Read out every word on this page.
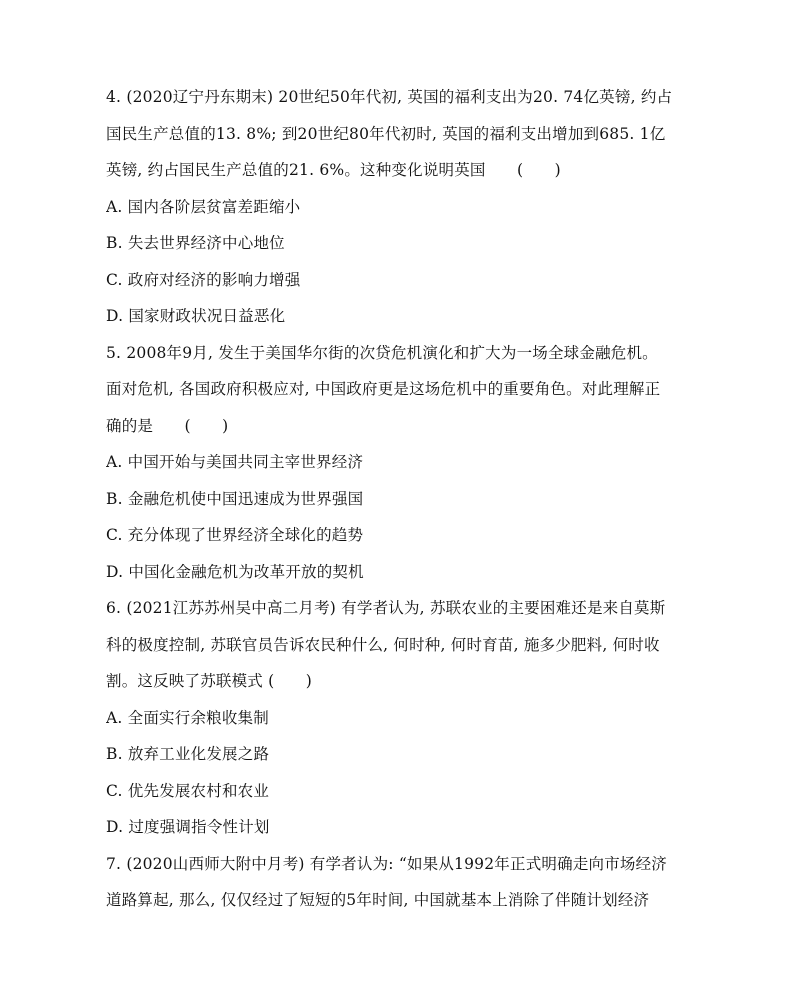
4. (2020辽宁丹东期末) 20世纪50年代初, 英国的福利支出为20. 74亿英镑, 约占
国民生产总值的13. 8%; 到20世纪80年代初时, 英国的福利支出增加到685. 1亿
英镑, 约占国民生产总值的21. 6%。这种变化说明英国　　(　　)
A. 国内各阶层贫富差距缩小
B. 失去世界经济中心地位
C. 政府对经济的影响力增强
D. 国家财政状况日益恶化
5. 2008年9月, 发生于美国华尔街的次贷危机演化和扩大为一场全球金融危机。
面对危机, 各国政府积极应对, 中国政府更是这场危机中的重要角色。对此理解正
确的是　　(　　)
A. 中国开始与美国共同主宰世界经济
B. 金融危机使中国迅速成为世界强国
C. 充分体现了世界经济全球化的趋势
D. 中国化金融危机为改革开放的契机
6. (2021江苏苏州吴中高二月考) 有学者认为, 苏联农业的主要困难还是来自莫斯
科的极度控制, 苏联官员告诉农民种什么, 何时种, 何时育苗, 施多少肥料, 何时收
割。这反映了苏联模式 (　　)
A. 全面实行余粮收集制
B. 放弃工业化发展之路
C. 优先发展农村和农业
D. 过度强调指令性计划
7. (2020山西师大附中月考) 有学者认为: “如果从1992年正式明确走向市场经济
道路算起, 那么, 仅仅经过了短短的5年时间, 中国就基本上消除了伴随计划经济
